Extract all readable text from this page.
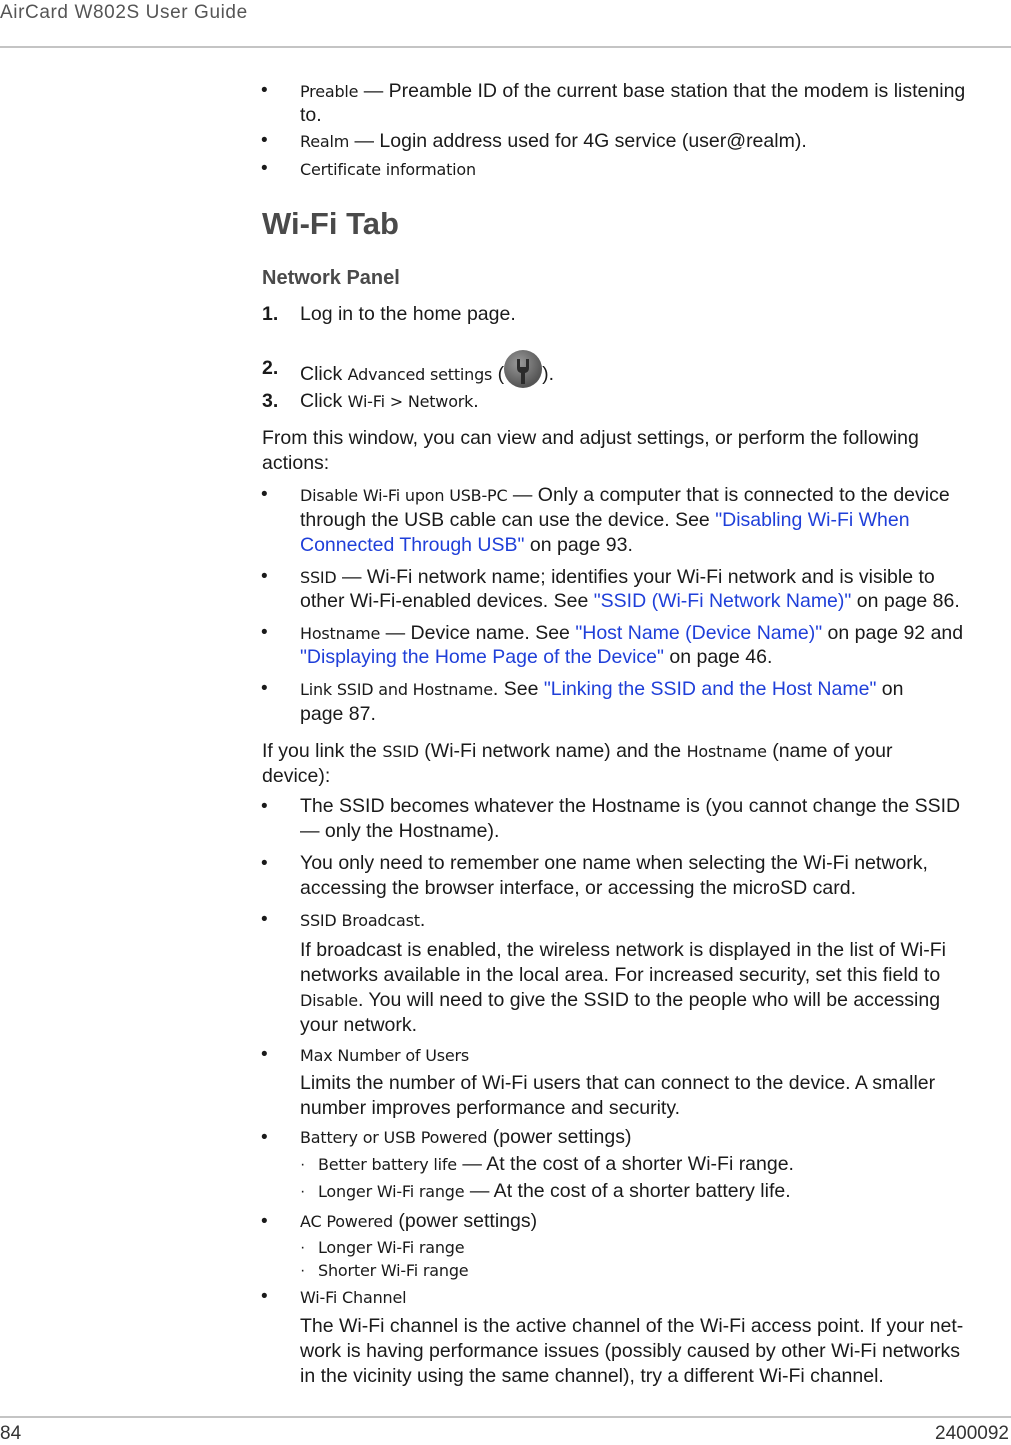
AirCard W802S User Guide
• Preable — Preamble ID of the current base station that the modem is listening
to.
• Realm — Login address used for 4G service (user@realm).
• Certificate information
Wi-Fi Tab
Network Panel
1. Log in to the home page.
2. Click Advanced settings ( ).
3. Click Wi-Fi > Network.
From this window, you can view and adjust settings, or perform the following
actions:
• Disable Wi-Fi upon USB-PC — Only a computer that is connected to the device
through the USB cable can use the device. See "Disabling Wi-Fi When
Connected Through USB" on page 93.
• SSID — Wi-Fi network name; identifies your Wi-Fi network and is visible to
other Wi-Fi-enabled devices. See "SSID (Wi-Fi Network Name)" on page 86.
• Hostname — Device name. See "Host Name (Device Name)" on page 92 and
"Displaying the Home Page of the Device" on page 46.
• Link SSID and Hostname. See "Linking the SSID and the Host Name" on
page 87.
If you link the SSID (Wi-Fi network name) and the Hostname (name of your
device):
• The SSID becomes whatever the Hostname is (you cannot change the SSID
— only the Hostname).
• You only need to remember one name when selecting the Wi-Fi network,
accessing the browser interface, or accessing the microSD card.
• SSID Broadcast.
If broadcast is enabled, the wireless network is displayed in the list of Wi-Fi
networks available in the local area. For increased security, set this field to
Disable. You will need to give the SSID to the people who will be accessing
your network.
• Max Number of Users
Limits the number of Wi-Fi users that can connect to the device. A smaller
number improves performance and security.
• Battery or USB Powered (power settings)
· Better battery life — At the cost of a shorter Wi-Fi range.
· Longer Wi-Fi range — At the cost of a shorter battery life.
• AC Powered (power settings)
· Longer Wi-Fi range
· Shorter Wi-Fi range
• Wi-Fi Channel
The Wi-Fi channel is the active channel of the Wi-Fi access point. If your net-
work is having performance issues (possibly caused by other Wi-Fi networks
in the vicinity using the same channel), try a different Wi-Fi channel.
84	2400092
